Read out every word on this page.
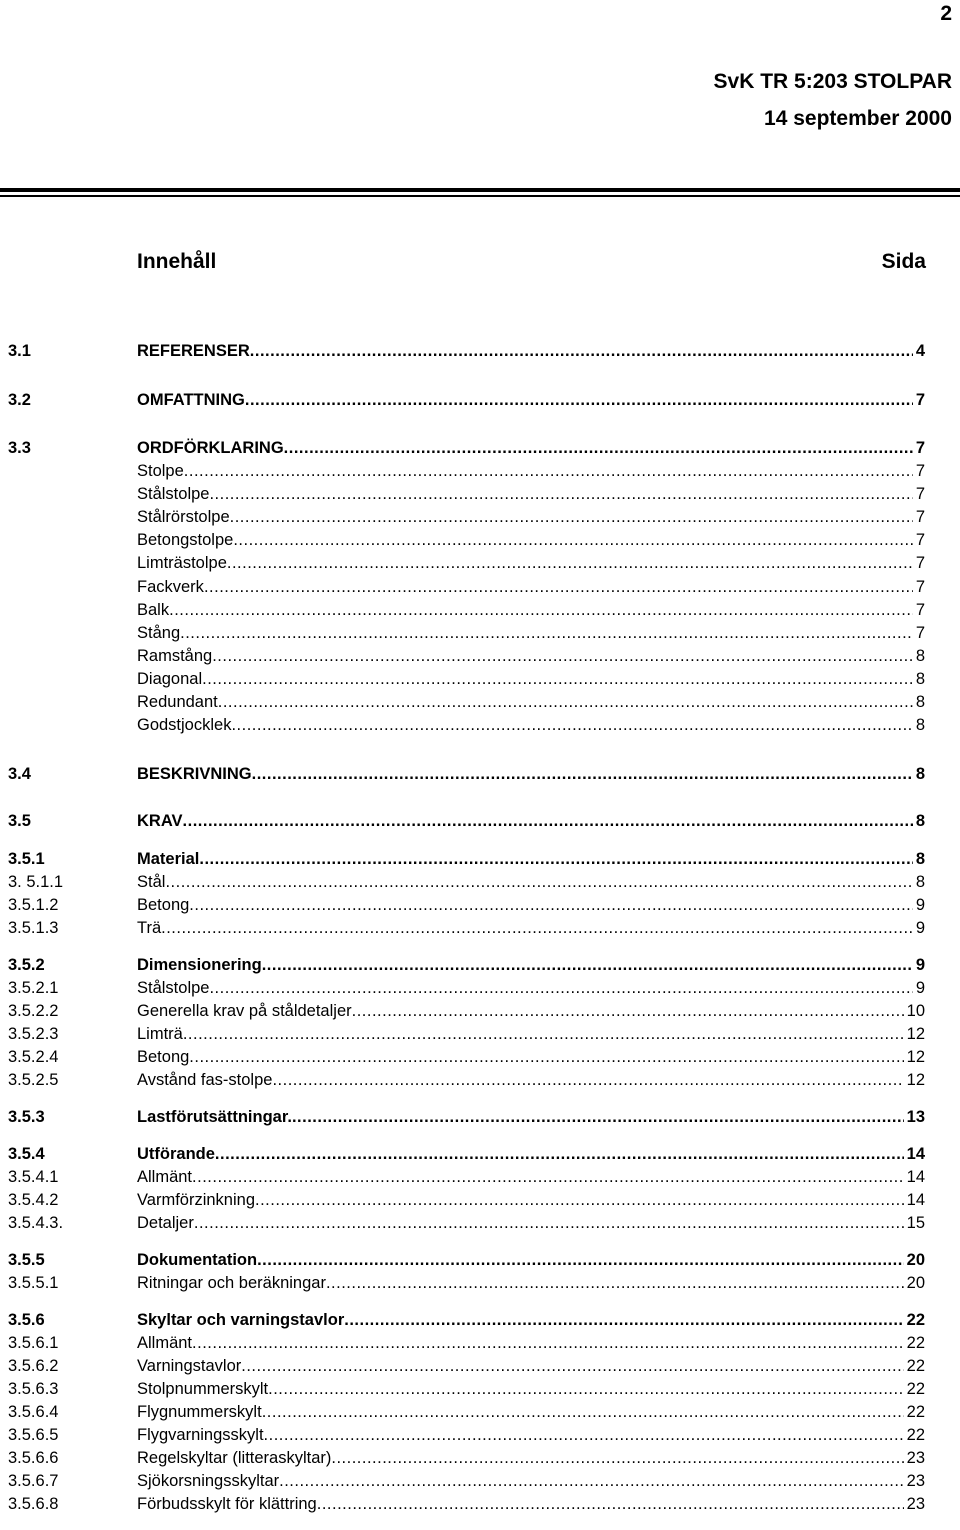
2
SvK TR 5:203 STOLPAR
14 september 2000
Innehåll	Sida
3.1	REFERENSER .....	4
3.2	OMFATTNING .....	7
3.3	ORDFÖRKLARING .....	7
Stolpe .....	7
Stålstolpe .....	7
Stålrörstolpe .....	7
Betongstolpe .....	7
Limträstolpe .....	7
Fackverk .....	7
Balk .....	7
Stång .....	7
Ramstång .....	8
Diagonal .....	8
Redundant .....	8
Godstjocklek .....	8
3.4	BESKRIVNING .....	8
3.5	KRAV .....	8
3.5.1	Material .....	8
3. 5.1.1	Stål .....	8
3.5.1.2	Betong .....	9
3.5.1.3	Trä .....	9
3.5.2	Dimensionering .....	9
3.5.2.1	Stålstolpe .....	9
3.5.2.2	Generella krav på ståldetaljer .....	10
3.5.2.3	Limträ .....	12
3.5.2.4	Betong .....	12
3.5.2.5	Avstånd fas-stolpe .....	12
3.5.3	Lastförutsättningar. .....	13
3.5.4	Utförande .....	14
3.5.4.1	Allmänt .....	14
3.5.4.2	Varmförzinkning .....	14
3.5.4.3.	Detaljer .....	15
3.5.5	Dokumentation .....	20
3.5.5.1	Ritningar och beräkningar .....	20
3.5.6	Skyltar och varningstavlor .....	22
3.5.6.1	Allmänt .....	22
3.5.6.2	Varningstavlor .....	22
3.5.6.3	Stolpnummerskylt .....	22
3.5.6.4	Flygnummerskylt .....	22
3.5.6.5	Flygvarningsskylt .....	22
3.5.6.6	Regelskyltar (litteraskyltar) .....	23
3.5.6.7	Sjökorsningsskyltar .....	23
3.5.6.8	Förbudsskylt för klättring .....	23
